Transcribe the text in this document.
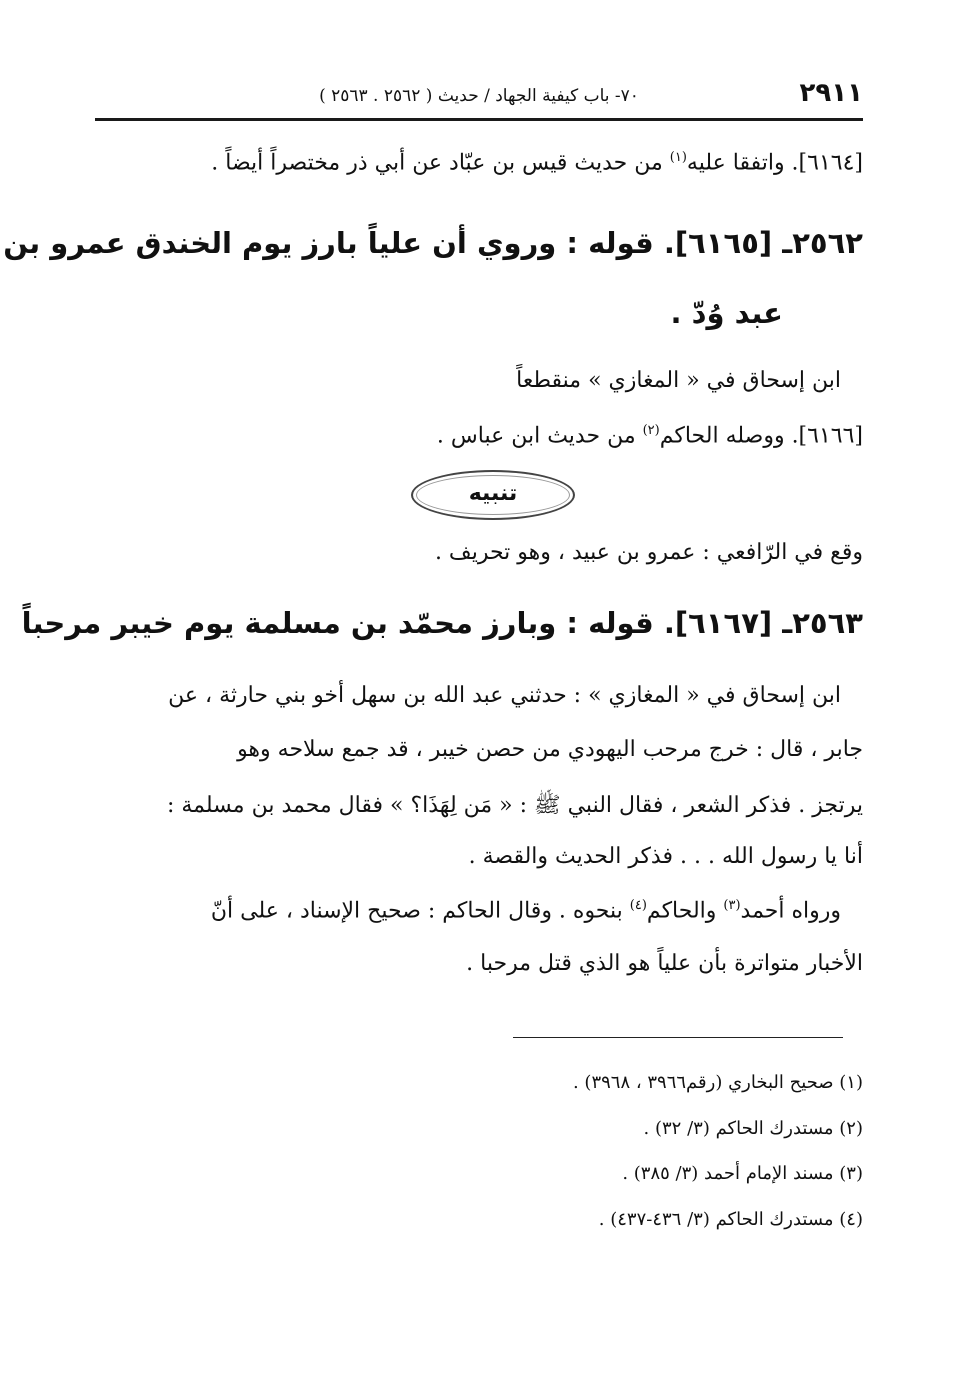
٢٩١١
٧٠- باب كيفية الجهاد / حديث ( ٢٥٦٢ . ٢٥٦٣ )
[٦١٦٤]. واتفقا عليه$^{(١)}$ من حديث قيس بن عبّاد عن أبي ذر مختصراً أيضاً .
٢٥٦٢ـ [٦١٦٥]. قوله : وروي أن علياً بارز يوم الخندق عمرو بن
عبد وُدّ .
ابن إسحاق في « المغازي » منقطعاً
[٦١٦٦]. ووصله الحاكم$^{(٢)}$ من حديث ابن عباس .
تنبيه
وقع في الرّافعي : عمرو بن عبيد ، وهو تحريف .
٢٥٦٣ـ [٦١٦٧]. قوله : وبارز محمّد بن مسلمة يوم خيبر مرحباً
ابن إسحاق في « المغازي » : حدثني عبد الله بن سهل أخو بني حارثة ، عن
جابر ، قال : خرج مرحب اليهودي من حصن خيبر ، قد جمع سلاحه وهو
يرتجز . فذكر الشعر ، فقال النبي ﷺ : « مَن لِهَذَا؟ » فقال محمد بن مسلمة :
أنا يا رسول الله . . . فذكر الحديث والقصة .
ورواه أحمد$^{(٣)}$ والحاكم$^{(٤)}$ بنحوه . وقال الحاكم : صحيح الإسناد ، على أنّ
الأخبار متواترة بأن علياً هو الذي قتل مرحبا .
(١) صحيح البخاري (رقم٣٩٦٦ ، ٣٩٦٨) .
(٢) مستدرك الحاكم (٣/ ٣٢) .
(٣) مسند الإمام أحمد (٣/ ٣٨٥) .
(٤) مستدرك الحاكم (٣/ ٤٣٦-٤٣٧) .
